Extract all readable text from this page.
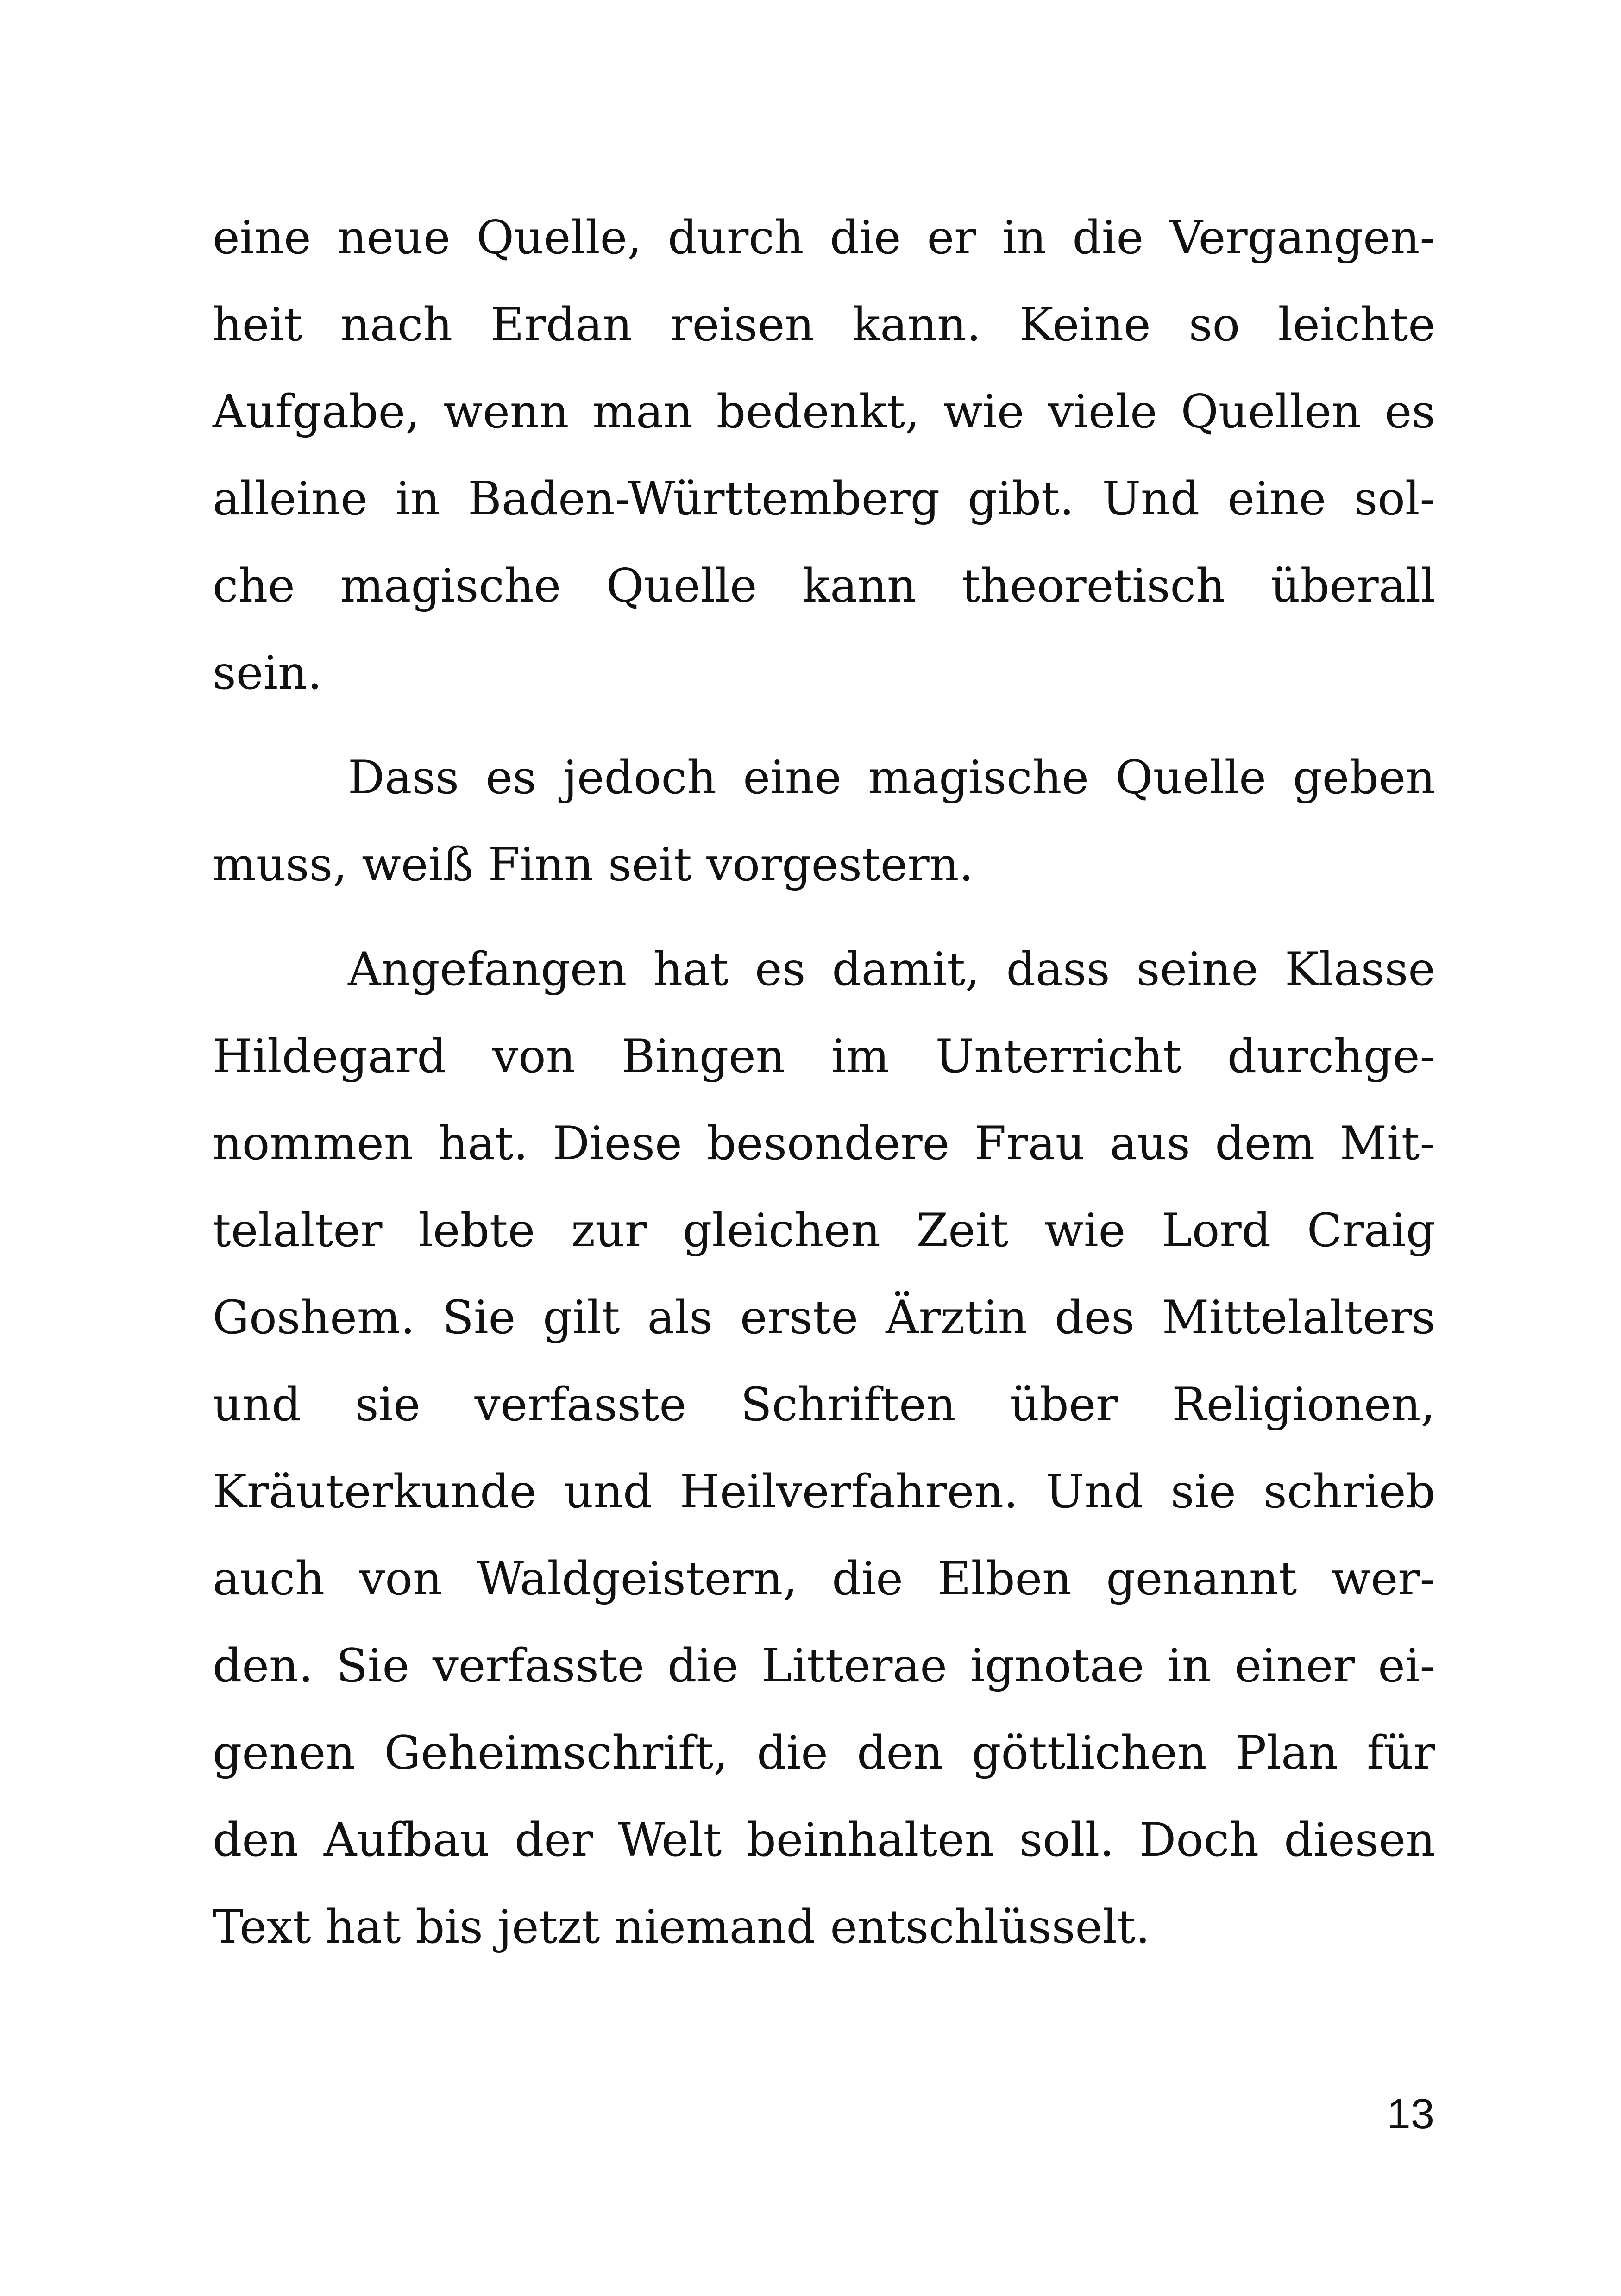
eine neue Quelle, durch die er in die Vergangen-
heit nach Erdan reisen kann. Keine so leichte
Aufgabe, wenn man bedenkt, wie viele Quellen es
alleine in Baden-Württemberg gibt. Und eine sol-
che magische Quelle kann theoretisch überall
sein.
Dass es jedoch eine magische Quelle geben
muss, weiß Finn seit vorgestern.
Angefangen hat es damit, dass seine Klasse
Hildegard von Bingen im Unterricht durchge-
nommen hat. Diese besondere Frau aus dem Mit-
telalter lebte zur gleichen Zeit wie Lord Craig
Goshem. Sie gilt als erste Ärztin des Mittelalters
und sie verfasste Schriften über Religionen,
Kräuterkunde und Heilverfahren. Und sie schrieb
auch von Waldgeistern, die Elben genannt wer-
den. Sie verfasste die Litterae ignotae in einer ei-
genen Geheimschrift, die den göttlichen Plan für
den Aufbau der Welt beinhalten soll. Doch diesen
Text hat bis jetzt niemand entschlüsselt.
13
